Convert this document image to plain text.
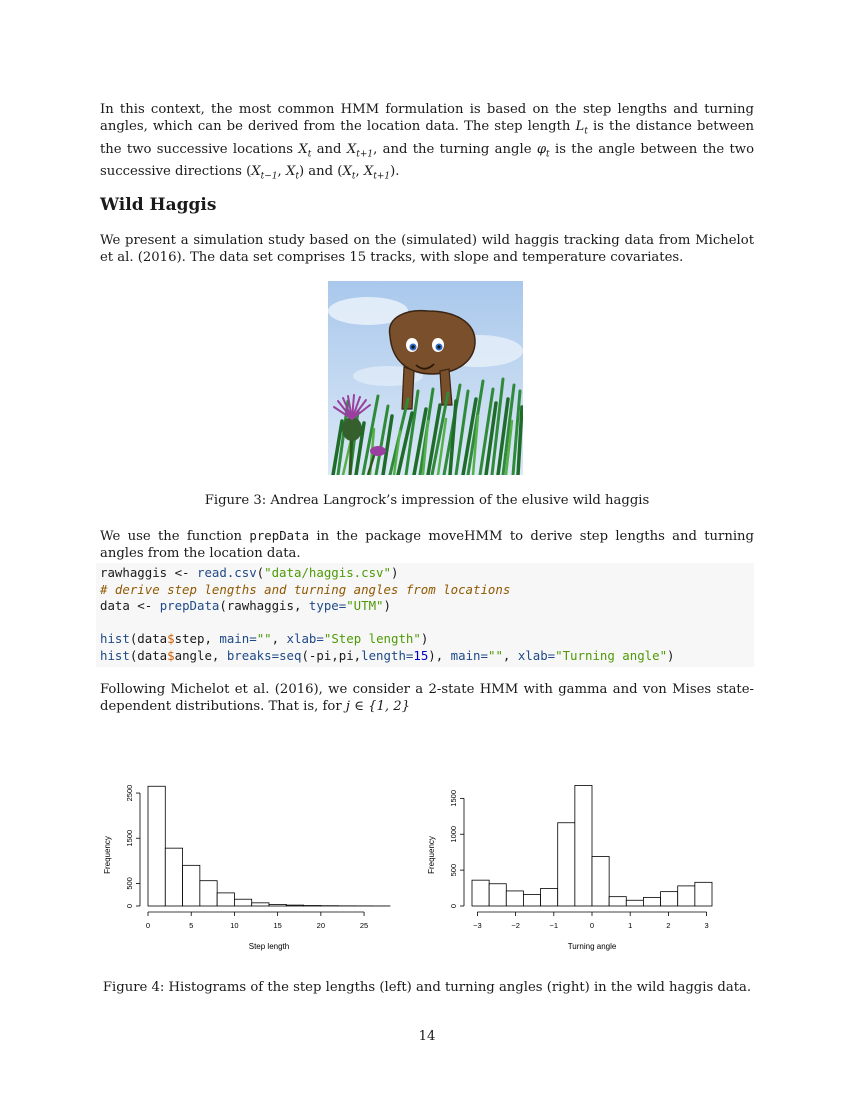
In this context, the most common HMM formulation is based on the step lengths and turning angles, which can be derived from the location data. The step length $L_t$ is the distance between the two successive locations $X_t$ and $X_{t+1}$, and the turning angle $\varphi_t$ is the angle between the two successive directions ($X_{t-1}$, $X_t$) and ($X_t$, $X_{t+1}$).

Wild Haggis

We present a simulation study based on the (simulated) wild haggis tracking data from Michelot et al. (2016). The data set comprises 15 tracks, with slope and temperature covariates.

Figure 3: Andrea Langrock’s impression of the elusive wild haggis

We use the function prepData in the package moveHMM to derive step lengths and turning angles from the location data.

rawhaggis <- read.csv("data/haggis.csv")
# derive step lengths and turning angles from locations
data <- prepData(rawhaggis, type="UTM")
hist(data$step, main="", xlab="Step length")
hist(data$angle, breaks=seq(-pi,pi,length=15), main="", xlab="Turning angle")

Following Michelot et al. (2016), we consider a 2-state HMM with gamma and von Mises state-dependent distributions. That is, for j ∈ {1, 2}

0	5	10	15	20	25
0
500
1500
2500
Step length
Frequency
−3	−2	−1	0	1	2	3
0
500
1000
1500
Turning angle
Frequency
Figure 4: Histograms of the step lengths (left) and turning angles (right) in the wild haggis data.
14
